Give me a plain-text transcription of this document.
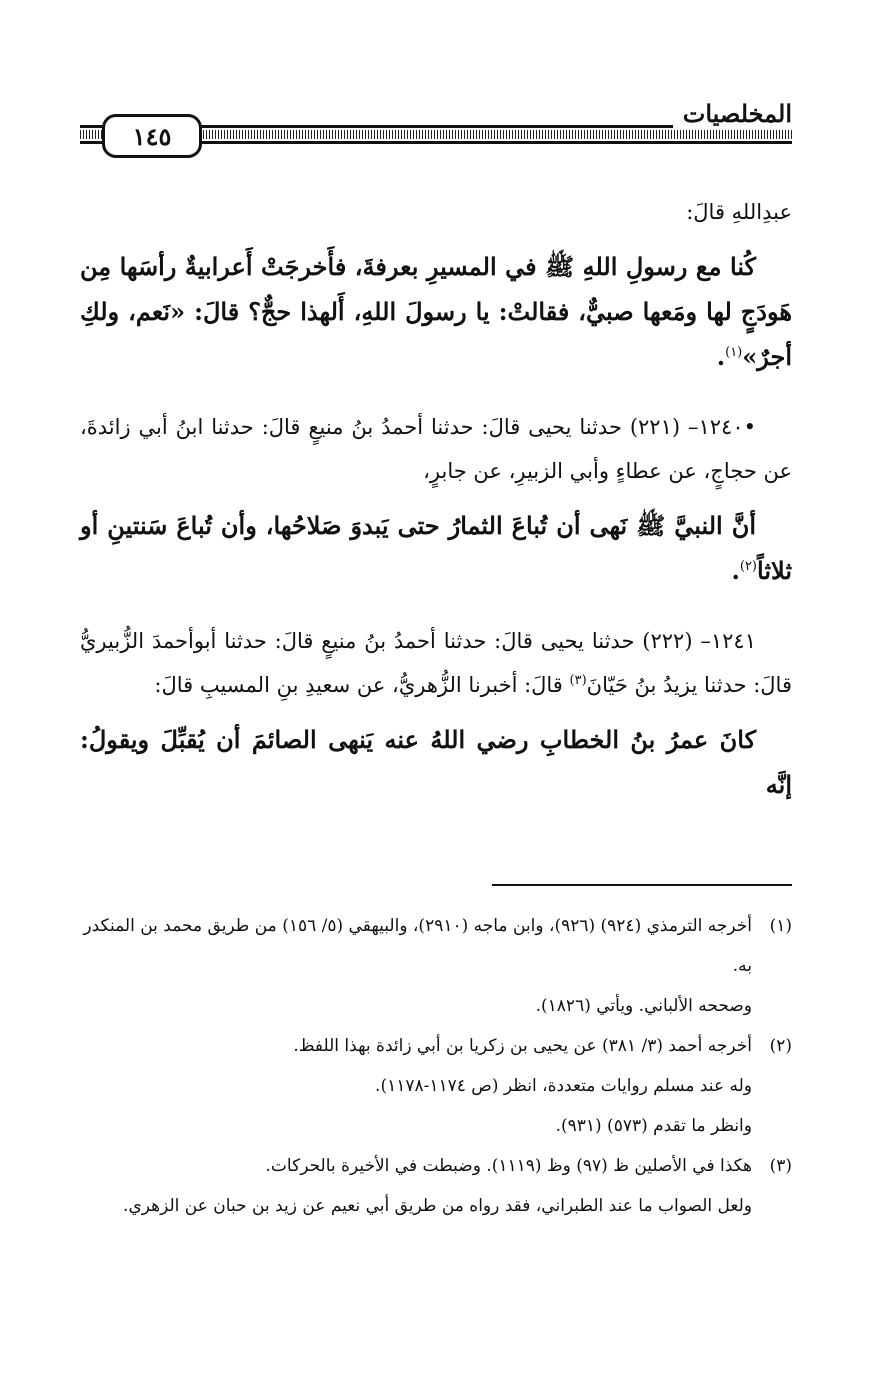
المخلصيات
١٤٥

عبدِاللهِ قالَ:

كُنا مع رسولِ اللهِ ﷺ في المسيرِ بعرفةَ، فأَخرجَتْ أَعرابيةٌ رأسَها مِن هَودَجٍ لها ومَعها صبيٌّ، فقالتْ: يا رسولَ اللهِ، أَلهذا حجٌّ؟ قالَ: «نَعم، ولكِ أجرٌ»$^{(١)}$.

•١٢٤٠– (٢٢١) حدثنا يحيى قالَ: حدثنا أحمدُ بنُ منيعٍ قالَ: حدثنا ابنُ أبي زائدةَ، عن حجاجٍ، عن عطاءٍ وأبي الزبيرِ، عن جابرٍ،

أنَّ النبيَّ ﷺ نَهى أن تُباعَ الثمارُ حتى يَبدوَ صَلاحُها، وأن تُباعَ سَنتينِ أو ثلاثاً$^{(٢)}$.

١٢٤١– (٢٢٢) حدثنا يحيى قالَ: حدثنا أحمدُ بنُ منيعٍ قالَ: حدثنا أبوأحمدَ الزُّبيريُّ قالَ: حدثنا يزيدُ بنُ حَيّانَ$^{(٣)}$ قالَ: أخبرنا الزُّهريُّ، عن سعيدِ بنِ المسيبِ قالَ:

كانَ عمرُ بنُ الخطابِ رضي اللهُ عنه يَنهى الصائمَ أن يُقبِّلَ ويقولُ: إنَّه

(١)

أخرجه الترمذي (٩٢٤) (٩٢٦)، وابن ماجه (٢٩١٠)، والبيهقي (٥/ ١٥٦) من طريق محمد بن المنكدر به.

وصححه الألباني. ويأتي (١٨٢٦).

(٢)

أخرجه أحمد (٣/ ٣٨١) عن يحيى بن زكريا بن أبي زائدة بهذا اللفظ.

وله عند مسلم روايات متعددة، انظر (ص ١١٧٤-١١٧٨).

وانظر ما تقدم (٥٧٣) (٩٣١).

(٣)

هكذا في الأصلين ظ (٩٧) وظ (١١١٩). وضبطت في الأخيرة بالحركات.

ولعل الصواب ما عند الطبراني، فقد رواه من طريق أبي نعيم عن زيد بن حبان عن الزهري.
